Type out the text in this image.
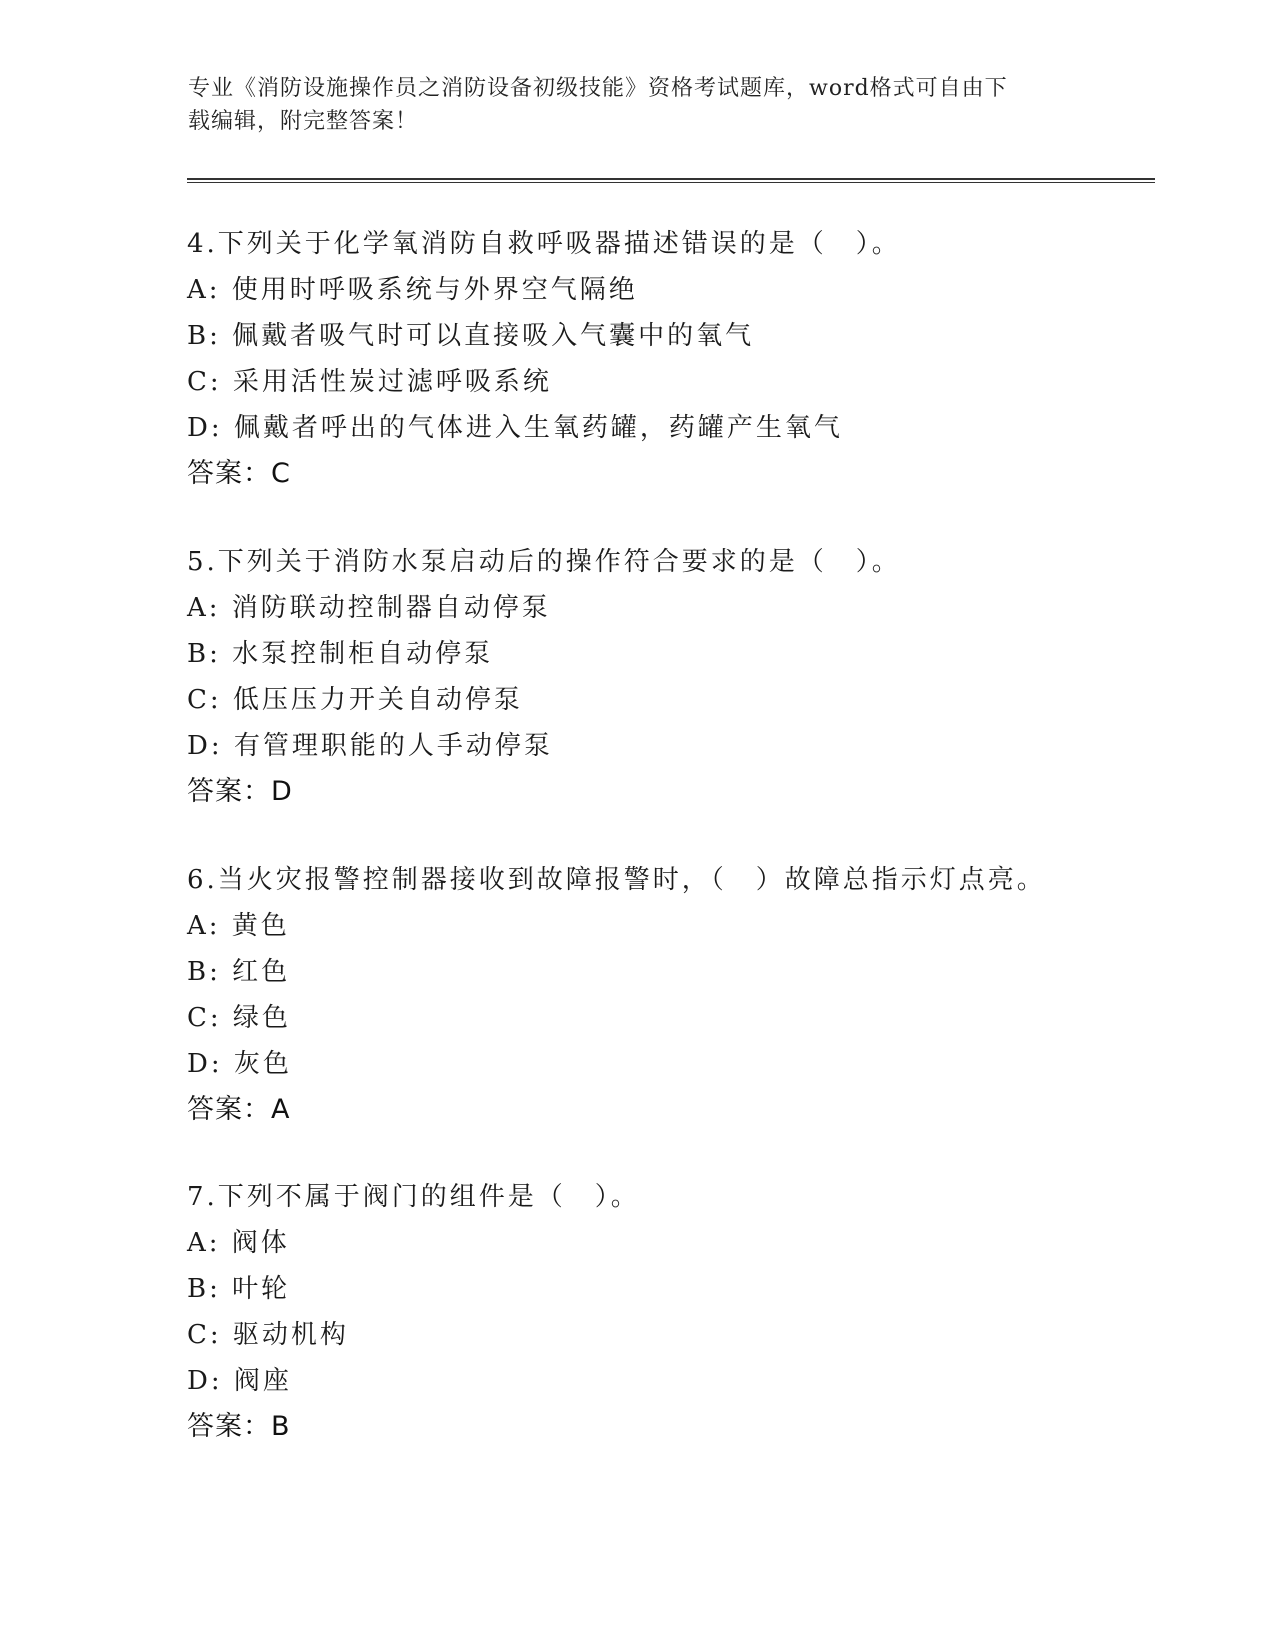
专业《消防设施操作员之消防设备初级技能》资格考试题库，word格式可自由下
载编辑，附完整答案！
4.下列关于化学氧消防自救呼吸器描述错误的是（　）。
A: 使用时呼吸系统与外界空气隔绝
B: 佩戴者吸气时可以直接吸入气囊中的氧气
C: 采用活性炭过滤呼吸系统
D: 佩戴者呼出的气体进入生氧药罐，药罐产生氧气
答案：C
5.下列关于消防水泵启动后的操作符合要求的是（　）。
A: 消防联动控制器自动停泵
B: 水泵控制柜自动停泵
C: 低压压力开关自动停泵
D: 有管理职能的人手动停泵
答案：D
6.当火灾报警控制器接收到故障报警时，（　）故障总指示灯点亮。
A: 黄色
B: 红色
C: 绿色
D: 灰色
答案：A
7.下列不属于阀门的组件是（　）。
A: 阀体
B: 叶轮
C: 驱动机构
D: 阀座
答案：B
